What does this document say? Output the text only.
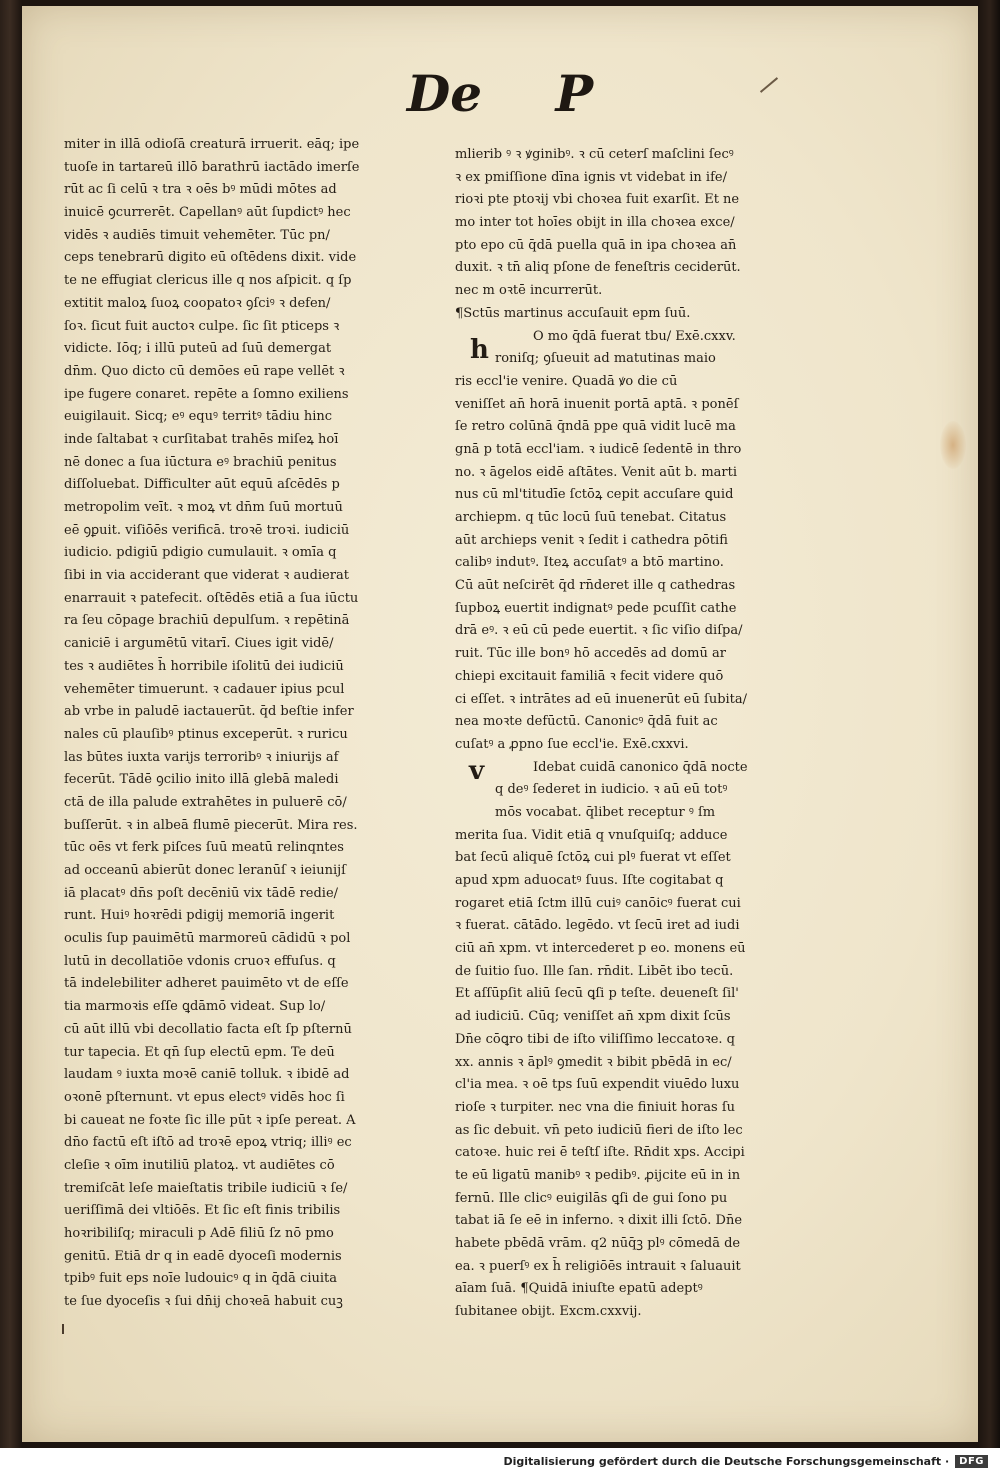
De P
miter in illā odioſā creaturā irruerit. eāq; ipe
tuoſe in tartareū illō barathrū iactādo imerſe
rūt ac ſi celū ꝛ tra ꝛ oēs bꝰ mūdi mōtes ad
inuicē ꝯcurrerēt. Capellanꝰ aūt ſupdictꝰ hec
vidēs ꝛ audiēs timuit vehemēter. Tūc pn/
ceps tenebrarū digito eū oſtēdens dixit. vide
te ne effugiat clericus ille q nos aſpicit. q ſp
extitit maloꝝ ſuoꝝ coopatoꝛ ꝯſciꝰ ꝛ defen/
ſoꝛ. ſicut fuit auctoꝛ culpe. ſic ſit pticeps ꝛ
vidicte. Iōq; i illū puteū ad ſuū demergat
dn̄m. Quo dicto cū demōes eū rape vellēt ꝛ
ipe fugere conaret. repēte a ſomno exiliens
euigilauit. Sicq; eꝰ equꝰ territꝰ tādiu hinc
inde ſaltabat ꝛ curſitabat trahēs miſeꝝ hoī
nē donec a ſua iūctura eꝰ brachiū penitus
diſſoluebat. Difficulter aūt equū aſcēdēs p
metropolim veīt. ꝛ moꝝ vt dn̄m ſuū mortuū
eē ꝯꝑuit. viſiōēs verificā. troꝛē troꝛi. iudiciū
iudicio. pdigiū pdigio cumulauit. ꝛ omīa q
ſibi in via acciderant que viderat ꝛ audierat
enarrauit ꝛ patefecit. oſtēdēs etiā a ſua iūctu
ra ſeu cōpage brachiū depulſum. ꝛ repētinā
caniciē i argumētū vitarī. Ciues igit vidē/
tes ꝛ audiētes h̄ horribile iſolitū dei iudiciū
vehemēter timuerunt. ꝛ cadauer ipius pcul
ab vrbe in paludē iactauerūt. q̄d beſtie infer
nales cū plauſibꝰ ptinus exceperūt. ꝛ ruricu
las būtes iuxta varijs terroribꝰ ꝛ iniurijs af
fecerūt. Tādē ꝯcilio inito illā glebā maledi
ctā de illa palude extrahētes in puluerē cō/
buſſerūt. ꝛ in albeā flumē piecerūt. Mira res.
tūc oēs vt ferk piſces ſuū meatū relinqntes
ad occeanū abierūt donec leranūſ ꝛ ieiunijſ
iā placatꝰ dn̄s poſt decēniū vix tādē redie/
runt. Huiꝰ hoꝛrēdi pdigij memoriā ingerit
oculis ſup pauimētū marmoreū cādidū ꝛ pol
lutū in decollatiōe vdonis cruoꝛ effuſus. q
tā indelebiliter adheret pauimēto vt de eſſe
tia marmoꝛis eſſe ꝗdāmō videat. Sup lo/
cū aūt illū vbi decollatio facta eſt ſp pſternū
tur tapecia. Et qn̄ ſup electū epm. Te deū
laudam ꝰ iuxta moꝛē caniē tolluk. ꝛ ibidē ad
oꝛonē pſternunt. vt epus electꝰ vidēs hoc ſi
bi caueat ne foꝛte ſic ille pūt ꝛ ipſe pereat. A
dn̄o factū eſt iſtō ad troꝛē epoꝝ vtriq; illiꝰ ec
cleſie ꝛ oīm inutiliū platoꝝ. vt audiētes cō
tremiſcāt leſe maieſtatis tribile iudiciū ꝛ ſe/
ueriſſimā dei vltiōēs. Et ſic eſt finis tribilis
hoꝛribiliſq; miraculi p Adē filiū ſz nō pmo
genitū. Etiā dr q in eadē dyoceſi modernis
tpibꝰ fuit eps noīe ludouicꝰ q in q̄dā ciuita
te ſue dyoceſis ꝛ ſui dn̄ij choꝛeā habuit cuꝫ
mlierib ꝰ ꝛ ꝟginibꝰ. ꝛ cū ceterſ maſclini ſecꝰ
ꝛ ex pmiſſione dīna ignis vt videbat in ife/
rioꝛi pte ptoꝛij vbi choꝛea fuit exarſit. Et ne
mo inter tot hoīes obijt in illa choꝛea exce/
pto epo cū q̄dā puella quā in ipa choꝛea an̄
duxit. ꝛ tn̄ aliq pſone de feneſtris ceciderūt.
nec m oꝛtē incurrerūt.
¶Sctūs martinus accuſauit epm ſuū.
O mo q̄dā fuerat tbu/ Exē.cxxv.
roniſq; ꝯſueuit ad matutinas maio
ris eccl'ie venire. Quadā ꝟo die cū
veniſſet an̄ horā inuenit portā aptā. ꝛ ponēſ
ſe retro colūnā q̄ndā ppe quā vidit lucē ma
gnā p totā eccl'iam. ꝛ iudicē ſedentē in thro
no. ꝛ āgelos eidē aſtātes. Venit aūt b. marti
nus cū ml'titudīe ſctōꝝ cepit accuſare ꝗuid
archiepm. q tūc locū ſuū tenebat. Citatus
aūt archieps venit ꝛ ſedit i cathedra pōtifi
calibꝰ indutꝰ. Iteꝝ accuſatꝰ a btō martino.
Cū aūt neſcirēt q̄d rn̄deret ille q cathedras
ſupboꝝ euertit indignatꝰ pede pcuſſit cathe
drā eꝰ. ꝛ eū cū pede euertit. ꝛ ſic viſio diſpa/
ruit. Tūc ille bonꝰ hō accedēs ad domū ar
chiepi excitauit familiā ꝛ fecit videre quō
ci eſſet. ꝛ intrātes ad eū inuenerūt eū ſubita/
nea moꝛte defūctū. Canonicꝰ q̄dā fuit ac
cuſatꝰ a ꝓpno ſue eccl'ie. Exē.cxxvi.
Idebat cuidā canonico q̄dā nocte
q deꝰ ſederet in iudicio. ꝛ aū eū totꝰ
mōs vocabat. q̄libet receptur ꝰ ſm
merita ſua. Vidit etiā q vnuſquiſq; adduce
bat ſecū aliquē ſctōꝝ cui plꝰ fuerat vt eſſet
apud xpm aduocatꝰ ſuus. Iſte cogitabat q
rogaret etiā ſctm illū cuiꝰ canōicꝰ fuerat cui
ꝛ fuerat. cātādo. legēdo. vt ſecū iret ad iudi
ciū an̄ xpm. vt intercederet p eo. monens eū
de ſuitio ſuo. Ille ſan. rn̄dit. Libēt ibo tecū.
Et aſſūpſit aliū ſecū ꝗſi p teſte. deueneſt ſil'
ad iudiciū. Cūq; veniſſet an̄ xpm dixit ſcūs
Dn̄e cōꝗro tibi de iſto viliſſimo leccatoꝛe. q
xx. annis ꝛ āplꝰ ꝯmedit ꝛ bibit pbēdā in ec/
cl'ia mea. ꝛ oē tps ſuū expendit viuēdo luxu
rioſe ꝛ turpiter. nec vna die finiuit horas ſu
as ſic debuit. vn̄ peto iudiciū fieri de iſto lec
catoꝛe. huic rei ē teſtſ iſte. Rn̄dit xps. Accipi
te eū ligatū manibꝰ ꝛ pedibꝰ. ꝓijcite eū in in
fernū. Ille clicꝰ euigilās ꝗſi de gui ſono pu
tabat iā ſe eē in inferno. ꝛ dixit illi ſctō. Dn̄e
habete pbēdā vrām. q2 nūq̄ꝫ plꝰ cōmedā de
ea. ꝛ puerſꝰ ex h̄ religiōēs intrauit ꝛ ſaluauit
aīam ſuā. ¶Quidā iniuſte epatū adeptꝰ
ſubitanee obijt. Excm.cxxvij.
h
v
Digitalisierung gefördert durch die Deutsche Forschungsgemeinschaft ·	DFG
